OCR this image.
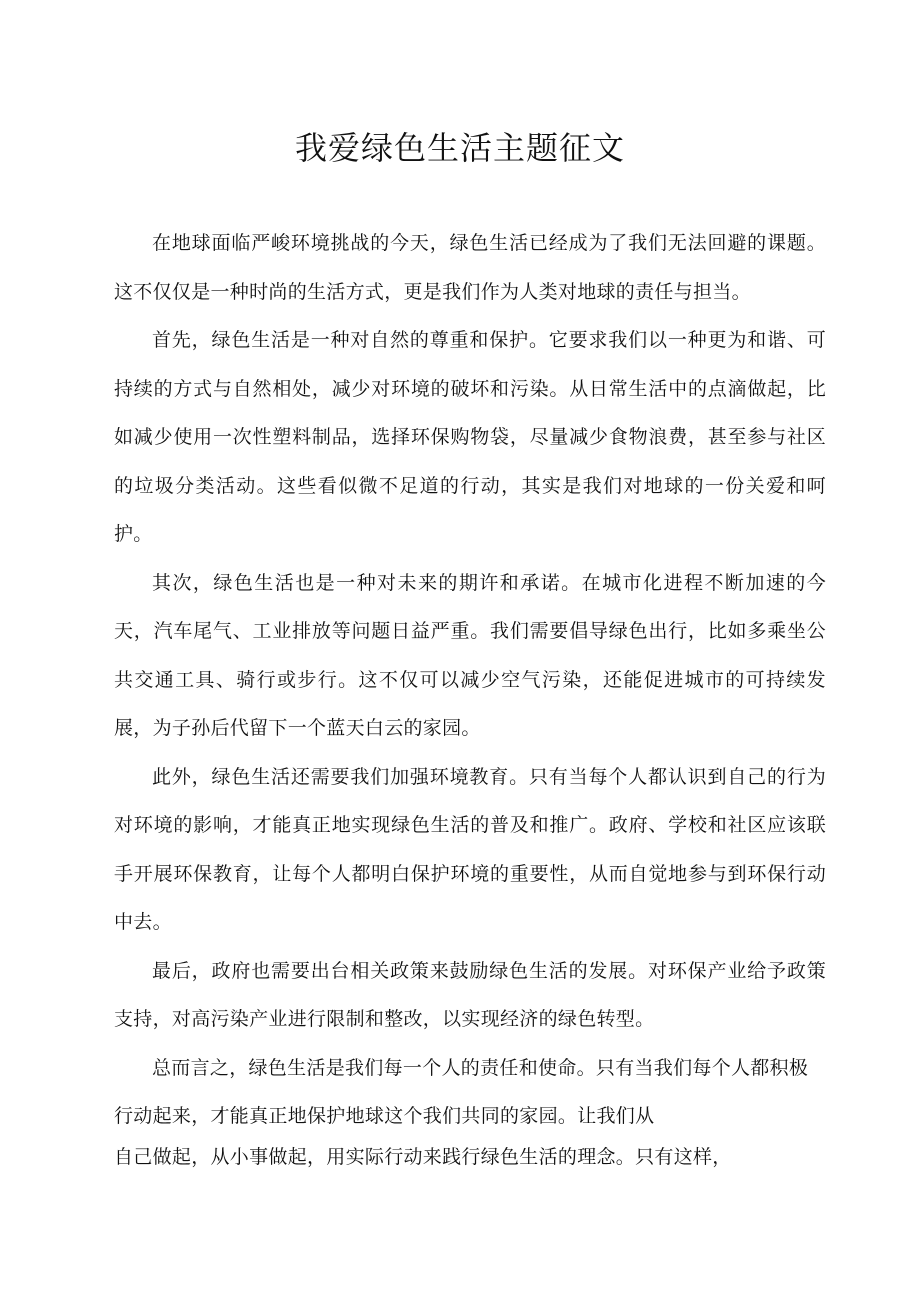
我爱绿色生活主题征文

在地球面临严峻环境挑战的今天，绿色生活已经成为了我们无法回避的课题。这不仅仅是一种时尚的生活方式，更是我们作为人类对地球的责任与担当。

首先，绿色生活是一种对自然的尊重和保护。它要求我们以一种更为和谐、可持续的方式与自然相处，减少对环境的破坏和污染。从日常生活中的点滴做起，比如减少使用一次性塑料制品，选择环保购物袋，尽量减少食物浪费，甚至参与社区的垃圾分类活动。这些看似微不足道的行动，其实是我们对地球的一份关爱和呵护。

其次，绿色生活也是一种对未来的期许和承诺。在城市化进程不断加速的今天，汽车尾气、工业排放等问题日益严重。我们需要倡导绿色出行，比如多乘坐公共交通工具、骑行或步行。这不仅可以减少空气污染，还能促进城市的可持续发展，为子孙后代留下一个蓝天白云的家园。

此外，绿色生活还需要我们加强环境教育。只有当每个人都认识到自己的行为对环境的影响，才能真正地实现绿色生活的普及和推广。政府、学校和社区应该联手开展环保教育，让每个人都明白保护环境的重要性，从而自觉地参与到环保行动中去。

最后，政府也需要出台相关政策来鼓励绿色生活的发展。对环保产业给予政策支持，对高污染产业进行限制和整改，以实现经济的绿色转型。

总而言之，绿色生活是我们每一个人的责任和使命。只有当我们每个人都积极行动起来，才能真正地保护地球这个我们共同的家园。让我们从

自己做起，从小事做起，用实际行动来践行绿色生活的理念。只有这样，
